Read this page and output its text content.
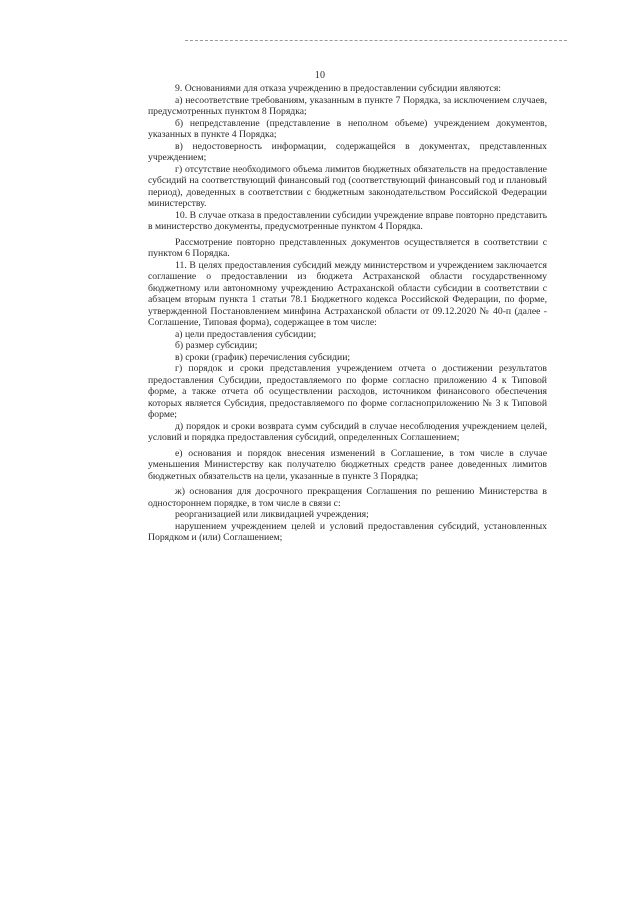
10

9. Основаниями для отказа учреждению в предоставлении субсидии являются:

а) несоответствие требованиям, указанным в пункте 7 Порядка, за исключением случаев, предусмотренных пунктом 8 Порядка;

б) непредставление (представление в неполном объеме) учреждением документов, указанных в пункте 4 Порядка;

в) недостоверность информации, содержащейся в документах, представленных учреждением;

г) отсутствие необходимого объема лимитов бюджетных обязательств на предоставление субсидий на соответствующий финансовый год (соответствующий финансовый год и плановый период), доведенных в соответствии с бюджетным законодательством Российской Федерации министерству.

10. В случае отказа в предоставлении субсидии учреждение вправе повторно представить в министерство документы, предусмотренные пунктом 4 Порядка.

Рассмотрение повторно представленных документов осуществляется в соответствии с пунктом 6 Порядка.

11. В целях предоставления субсидий между министерством и учреждением заключается соглашение о предоставлении из бюджета Астраханской области государственному бюджетному или автономному учреждению Астраханской области субсидии в соответствии с абзацем вторым пункта 1 статьи 78.1 Бюджетного кодекса Российской Федерации, по форме, утвержденной Постановлением минфина Астраханской области от 09.12.2020 № 40-п (далее - Соглашение, Типовая форма), содержащее в том числе:

а) цели предоставления субсидии;

б) размер субсидии;

в) сроки (график) перечисления субсидии;

г) порядок и сроки представления учреждением отчета о достижении результатов предоставления Субсидии, предоставляемого по форме согласно приложению 4 к Типовой форме, а также отчета об осуществлении расходов, источником финансового обеспечения которых является Субсидия, предоставляемого по форме согласноприложению № 3 к Типовой форме;

д) порядок и сроки возврата сумм субсидий в случае несоблюдения учреждением целей, условий и порядка предоставления субсидий, определенных Соглашением;

е) основания и порядок внесения изменений в Соглашение, в том числе в случае уменьшения Министерству как получателю бюджетных средств ранее доведенных лимитов бюджетных обязательств на цели, указанные в пункте 3 Порядка;

ж) основания для досрочного прекращения Соглашения по решению Министерства в одностороннем порядке, в том числе в связи с:

реорганизацией или ликвидацией учреждения;

нарушением учреждением целей и условий предоставления субсидий, установленных Порядком и (или) Соглашением;
